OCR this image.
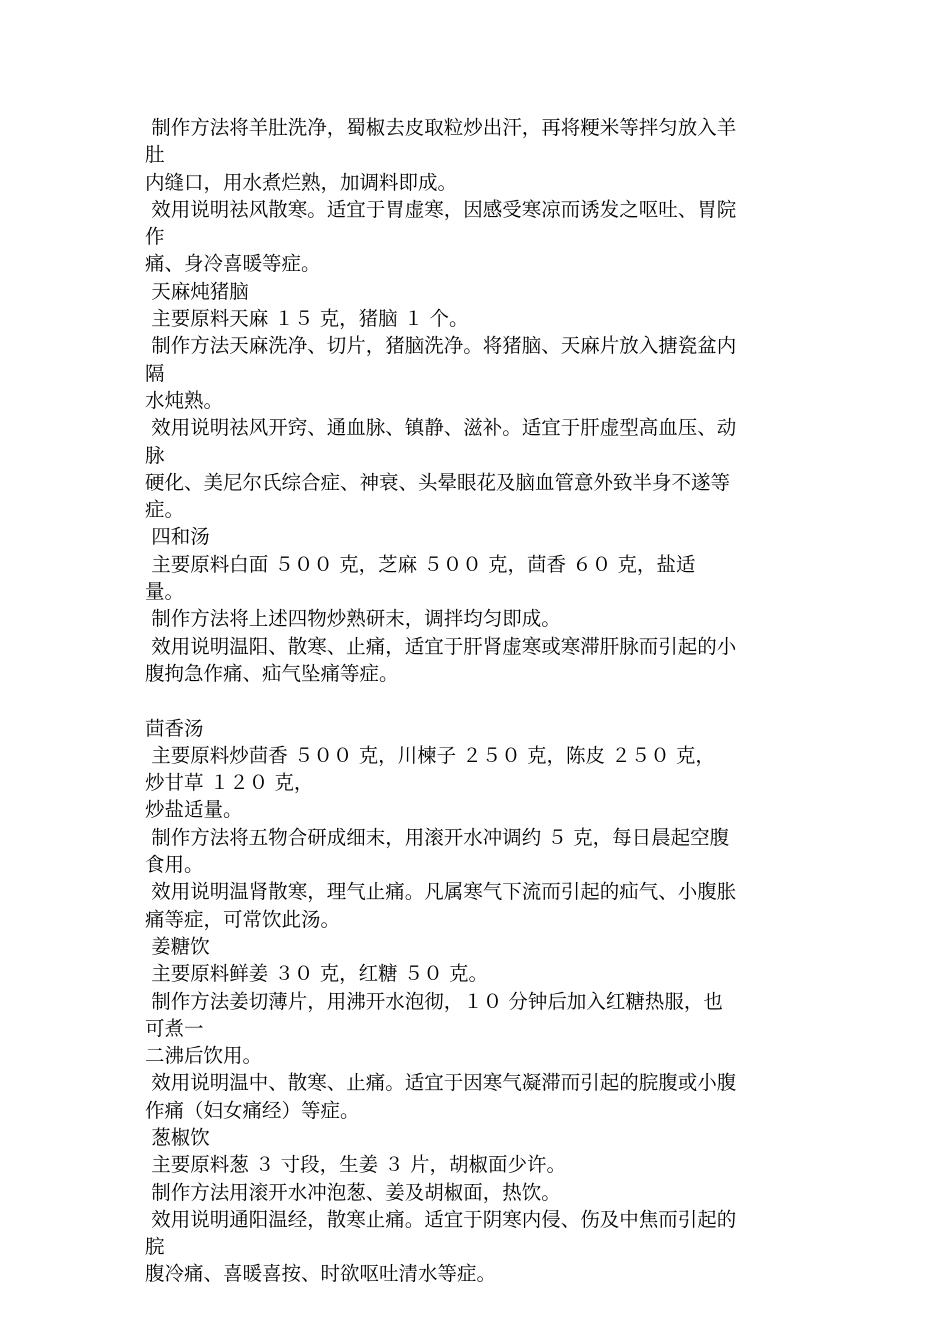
制作方法将羊肚洗净，蜀椒去皮取粒炒出汗，再将粳米等拌匀放入羊
肚
内缝口，用水煮烂熟，加调料即成。
效用说明祛风散寒。适宜于胃虚寒，因感受寒凉而诱发之呕吐、胃院
作
痛、身冷喜暖等症。
天麻炖猪脑
主要原料天麻 １５ 克，猪脑 １ 个。
制作方法天麻洗净、切片，猪脑洗净。将猪脑、天麻片放入搪瓷盆内
隔
水炖熟。
效用说明祛风开窍、通血脉、镇静、滋补。适宜于肝虚型高血压、动
脉
硬化、美尼尔氏综合症、神衰、头晕眼花及脑血管意外致半身不遂等
症。
四和汤
主要原料白面 ５００ 克，芝麻 ５００ 克，茴香 ６０ 克，盐适
量。
制作方法将上述四物炒熟研末，调拌均匀即成。
效用说明温阳、散寒、止痛，适宜于肝肾虚寒或寒滞肝脉而引起的小
腹拘急作痛、疝气坠痛等症。
茴香汤
主要原料炒茴香 ５００ 克，川楝子 ２５０ 克，陈皮 ２５０ 克，
炒甘草 １２０ 克，
炒盐适量。
制作方法将五物合研成细末，用滚开水冲调约 ５ 克，每日晨起空腹
食用。
效用说明温肾散寒，理气止痛。凡属寒气下流而引起的疝气、小腹胀
痛等症，可常饮此汤。
姜糖饮
主要原料鲜姜 ３０ 克，红糖 ５０ 克。
制作方法姜切薄片，用沸开水泡彻，１０ 分钟后加入红糖热服，也
可煮一
二沸后饮用。
效用说明温中、散寒、止痛。适宜于因寒气凝滞而引起的脘腹或小腹
作痛（妇女痛经）等症。
葱椒饮
主要原料葱 ３ 寸段，生姜 ３ 片，胡椒面少许。
制作方法用滚开水冲泡葱、姜及胡椒面，热饮。
效用说明通阳温经，散寒止痛。适宜于阴寒内侵、伤及中焦而引起的
脘
腹冷痛、喜暖喜按、时欲呕吐清水等症。
